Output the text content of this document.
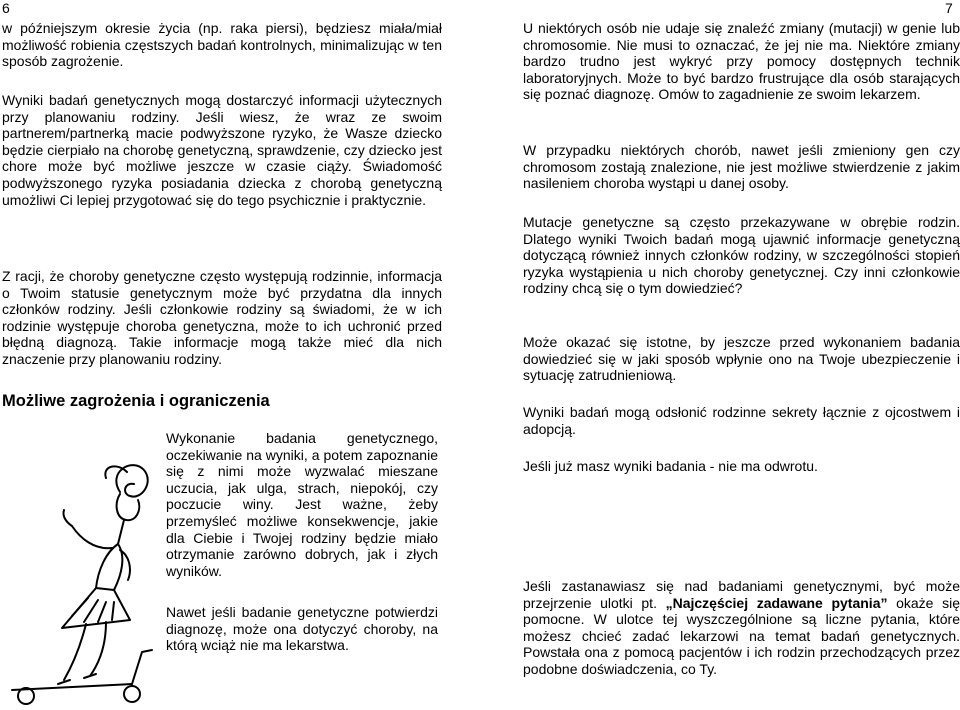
6

w późniejszym okresie życia (np. raka piersi), będziesz miała/miał możliwość robienia częstszych badań kontrolnych, minimalizując w ten sposób zagrożenie.

Wyniki badań genetycznych mogą dostarczyć informacji użytecznych przy planowaniu rodziny. Jeśli wiesz, że wraz ze swoim partnerem/partnerką macie podwyższone ryzyko, że Wasze dziecko będzie cierpiało na chorobę genetyczną, sprawdzenie, czy dziecko jest chore może być możliwe jeszcze w czasie ciąży. Świadomość podwyższonego ryzyka posiadania dziecka z chorobą genetyczną umożliwi Ci lepiej przygotować się do tego psychicznie i praktycznie.

Z racji, że choroby genetyczne często występują rodzinnie, informacja o Twoim statusie genetycznym może być przydatna dla innych członków rodziny. Jeśli członkowie rodziny są świadomi, że w ich rodzinie występuje choroba genetyczna, może to ich uchronić przed błędną diagnozą. Takie informacje mogą także mieć dla nich znaczenie przy planowaniu rodziny.

Możliwe zagrożenia i ograniczenia

Wykonanie badania genetycznego, oczekiwanie na wyniki, a potem zapoznanie się z nimi może wyzwalać mieszane uczucia, jak ulga, strach, niepokój, czy poczucie winy. Jest ważne, żeby przemyśleć możliwe konsekwencje, jakie dla Ciebie i Twojej rodziny będzie miało otrzymanie zarówno dobrych, jak i złych wyników.

Nawet jeśli badanie genetyczne potwierdzi diagnozę, może ona dotyczyć choroby, na którą wciąż nie ma lekarstwa.

7

U niektórych osób nie udaje się znaleźć zmiany (mutacji) w genie lub chromosomie. Nie musi to oznaczać, że jej nie ma. Niektóre zmiany bardzo trudno jest wykryć przy pomocy dostępnych technik laboratoryjnych. Może to być bardzo frustrujące dla osób starających się poznać diagnozę. Omów to zagadnienie ze swoim lekarzem.

W przypadku niektórych chorób, nawet jeśli zmieniony gen czy chromosom zostają znalezione, nie jest możliwe stwierdzenie z jakim nasileniem choroba wystąpi u danej osoby.

Mutacje genetyczne są często przekazywane w obrębie rodzin. Dlatego wyniki Twoich badań mogą ujawnić informacje genetyczną dotyczącą również innych członków rodziny, w szczególności stopień ryzyka wystąpienia u nich choroby genetycznej. Czy inni członkowie rodziny chcą się o tym dowiedzieć?

Może okazać się istotne, by jeszcze przed wykonaniem badania dowiedzieć się w jaki sposób wpłynie ono na Twoje ubezpieczenie i sytuację zatrudnieniową.

Wyniki badań mogą odsłonić rodzinne sekrety łącznie z ojcostwem i adopcją.

Jeśli już masz wyniki badania - nie ma odwrotu.

Jeśli zastanawiasz się nad badaniami genetycznymi, być może przejrzenie ulotki pt. „Najczęściej zadawane pytania” okaże się pomocne. W ulotce tej wyszczególnione są liczne pytania, które możesz chcieć zadać lekarzowi na temat badań genetycznych. Powstała ona z pomocą pacjentów i ich rodzin przechodzących przez podobne doświadczenia, co Ty.
